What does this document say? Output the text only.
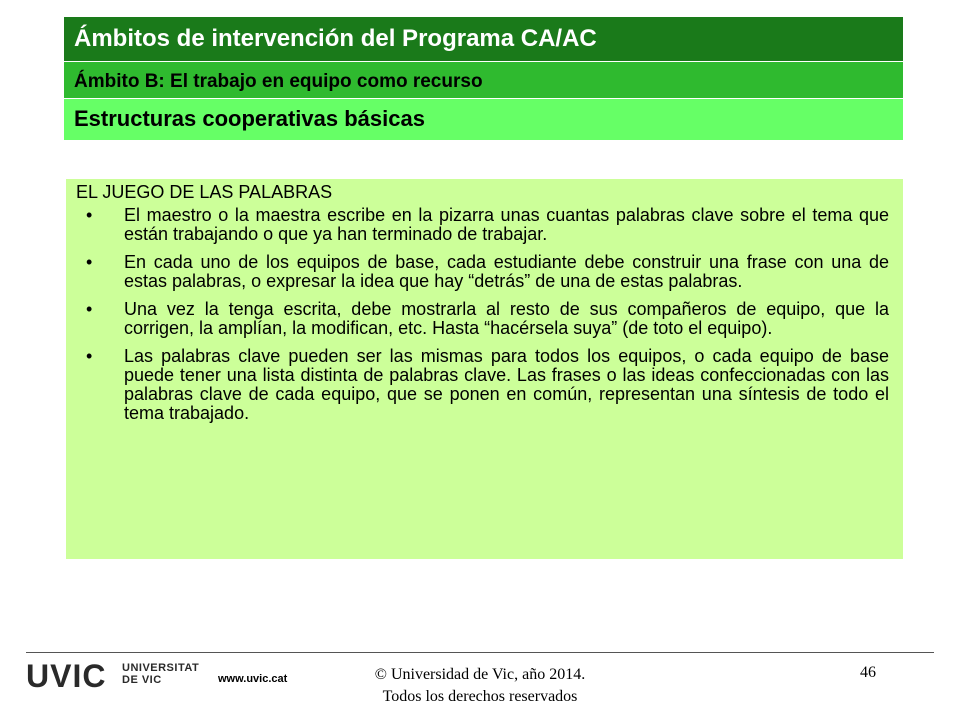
Ámbitos de intervención del Programa CA/AC
Ámbito B: El trabajo en equipo como recurso
Estructuras cooperativas básicas
EL JUEGO DE LAS PALABRAS
• El maestro o la maestra escribe en la pizarra unas cuantas palabras clave sobre el tema que están trabajando o que ya han terminado de trabajar.
• En cada uno de los equipos de base, cada estudiante debe construir una frase con una de estas palabras, o expresar la idea que hay “detrás” de una de estas palabras.
• Una vez la tenga escrita, debe mostrarla al resto de sus compañeros de equipo, que la corrigen, la amplían, la modifican, etc. Hasta “hacérsela suya” (de toto el equipo).
• Las palabras clave pueden ser las mismas para todos los equipos, o cada equipo de base puede tener una lista distinta de palabras clave. Las frases o las ideas confeccionadas con las palabras clave de cada equipo, que se ponen en común, representan una síntesis de todo el tema trabajado.
UVIC UNIVERSITAT
DE VIC	www.uvic.cat	© Universidad de Vic, año 2014.
Todos los derechos reservados
46
